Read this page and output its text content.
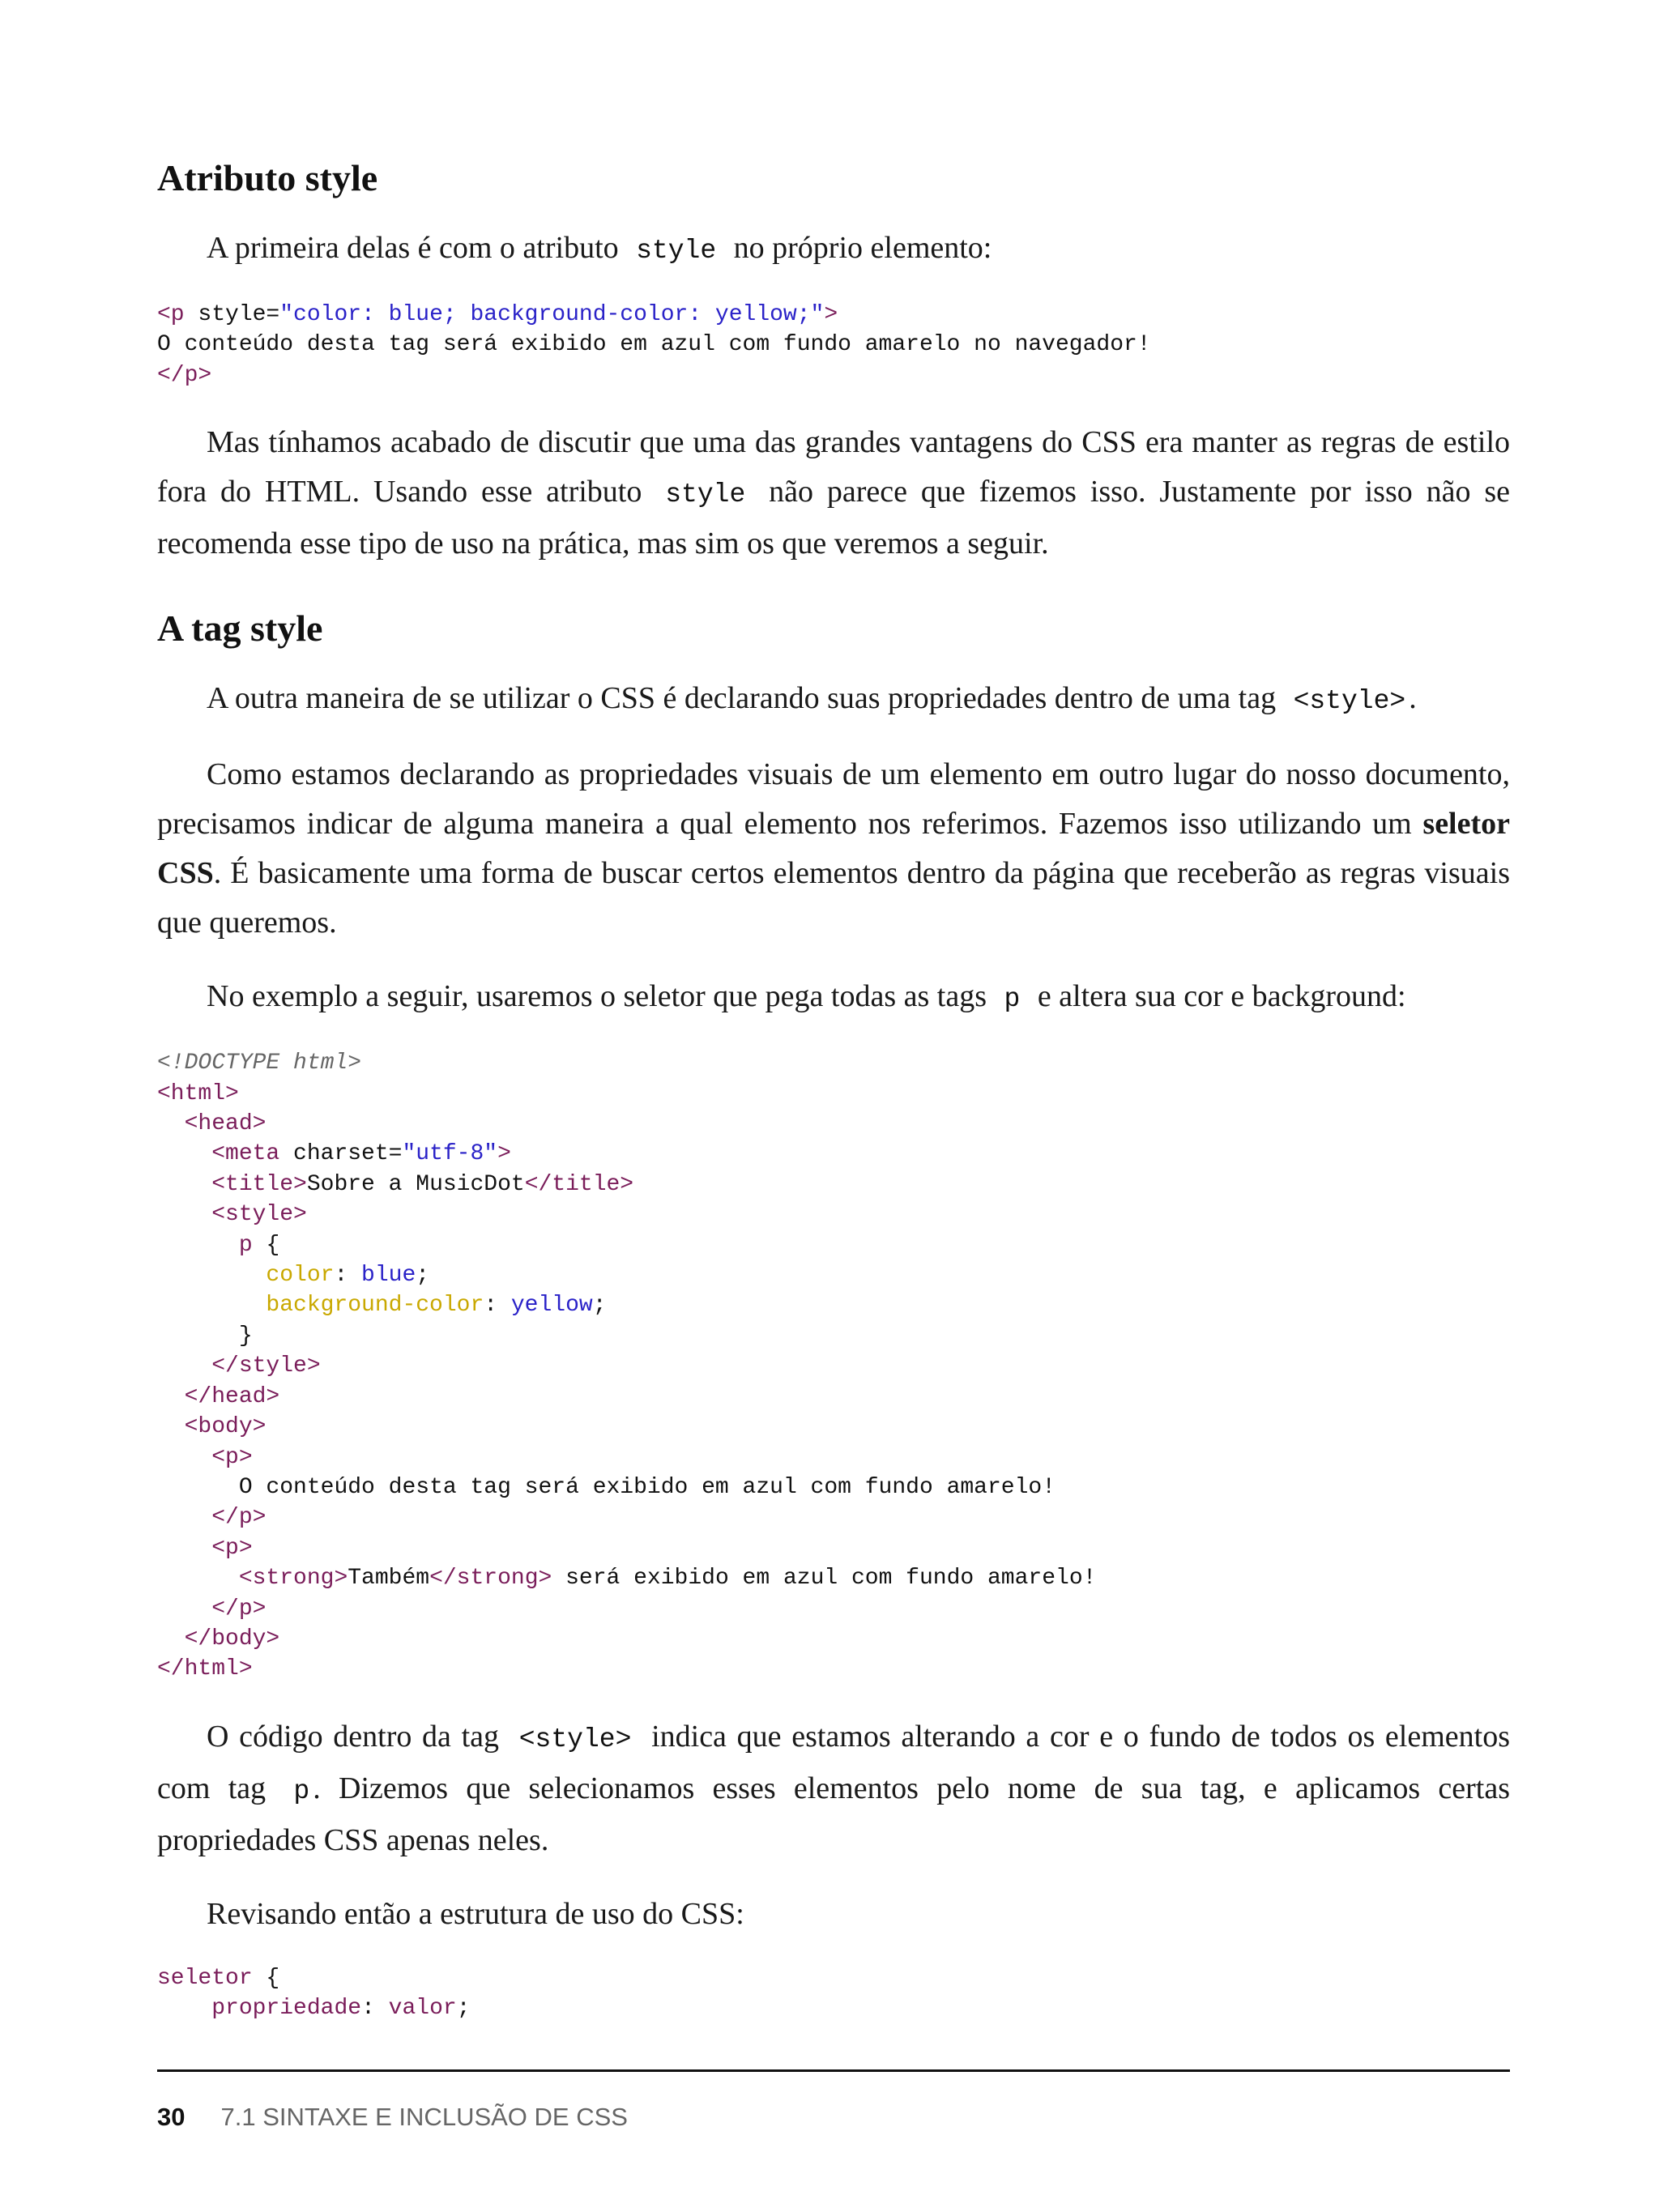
Atributo style

A primeira delas é com o atributo style no próprio elemento:

<p style="color: blue; background-color: yellow;">
O conteúdo desta tag será exibido em azul com fundo amarelo no navegador!
</p>

Mas tínhamos acabado de discutir que uma das grandes vantagens do CSS era manter as regras de estilo fora do HTML. Usando esse atributo style não parece que fizemos isso. Justamente por isso não se recomenda esse tipo de uso na prática, mas sim os que veremos a seguir.

A tag style

A outra maneira de se utilizar o CSS é declarando suas propriedades dentro de uma tag <style> .

Como estamos declarando as propriedades visuais de um elemento em outro lugar do nosso documento, precisamos indicar de alguma maneira a qual elemento nos referimos. Fazemos isso utilizando um seletor CSS. É basicamente uma forma de buscar certos elementos dentro da página que receberão as regras visuais que queremos.

No exemplo a seguir, usaremos o seletor que pega todas as tags p e altera sua cor e background:

<!DOCTYPE html>
<html>
<head>
<meta charset="utf-8">
<title>Sobre a MusicDot</title>
<style>
p {
color: blue;
background-color: yellow;
}
</style>
</head>
<body>
<p>
O conteúdo desta tag será exibido em azul com fundo amarelo!
</p>
<p>
<strong>Também</strong> será exibido em azul com fundo amarelo!
</p>
</body>
</html>

O código dentro da tag <style> indica que estamos alterando a cor e o fundo de todos os elementos com tag p . Dizemos que selecionamos esses elementos pelo nome de sua tag, e aplicamos certas propriedades CSS apenas neles.

Revisando então a estrutura de uso do CSS:

seletor {
propriedade: valor;
30 7.1 SINTAXE E INCLUSÃO DE CSS
